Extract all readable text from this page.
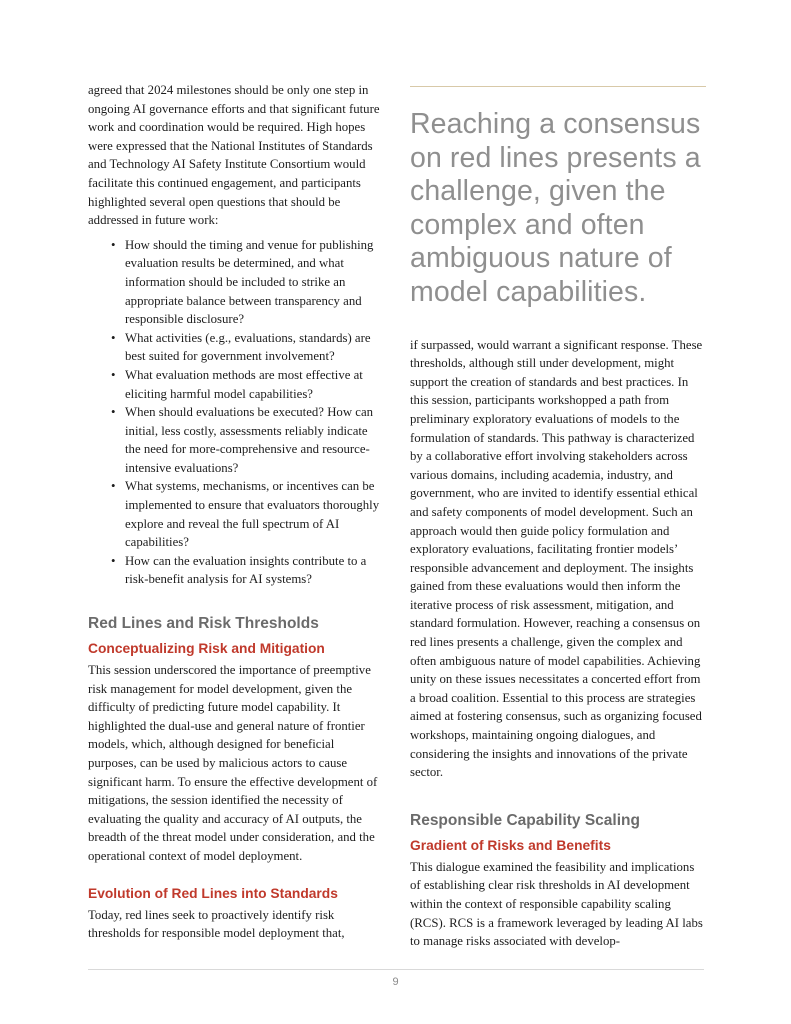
agreed that 2024 milestones should be only one step in ongoing AI governance efforts and that significant future work and coordination would be required. High hopes were expressed that the National Institutes of Standards and Technology AI Safety Institute Consortium would facilitate this continued engagement, and participants highlighted several open questions that should be addressed in future work:

• How should the timing and venue for publishing evaluation results be determined, and what information should be included to strike an appropriate balance between transparency and responsible disclosure?
• What activities (e.g., evaluations, standards) are best suited for government involvement?
• What evaluation methods are most effective at eliciting harmful model capabilities?
• When should evaluations be executed? How can initial, less costly, assessments reliably indicate the need for more-comprehensive and resource-intensive evaluations?
• What systems, mechanisms, or incentives can be implemented to ensure that evaluators thoroughly explore and reveal the full spectrum of AI capabilities?
• How can the evaluation insights contribute to a risk-benefit analysis for AI systems?
Red Lines and Risk Thresholds
Conceptualizing Risk and Mitigation

This session underscored the importance of preemptive risk management for model development, given the difficulty of predicting future model capability. It highlighted the dual-use and general nature of frontier models, which, although designed for beneficial purposes, can be used by malicious actors to cause significant harm. To ensure the effective development of mitigations, the session identified the necessity of evaluating the quality and accuracy of AI outputs, the breadth of the threat model under consideration, and the operational context of model deployment.

Evolution of Red Lines into Standards

Today, red lines seek to proactively identify risk thresholds for responsible model deployment that,

Reaching a consensus on red lines presents a challenge, given the complex and often ambiguous nature of model capabilities.

if surpassed, would warrant a significant response. These thresholds, although still under development, might support the creation of standards and best practices. In this session, participants workshopped a path from preliminary exploratory evaluations of models to the formulation of standards. This pathway is characterized by a collaborative effort involving stakeholders across various domains, including academia, industry, and government, who are invited to identify essential ethical and safety components of model development. Such an approach would then guide policy formulation and exploratory evaluations, facilitating frontier models’ responsible advancement and deployment. The insights gained from these evaluations would then inform the iterative process of risk assessment, mitigation, and standard formulation. However, reaching a consensus on red lines presents a challenge, given the complex and often ambiguous nature of model capabilities. Achieving unity on these issues necessitates a concerted effort from a broad coalition. Essential to this process are strategies aimed at fostering consensus, such as organizing focused workshops, maintaining ongoing dialogues, and considering the insights and innovations of the private sector.

Responsible Capability Scaling
Gradient of Risks and Benefits

This dialogue examined the feasibility and implications of establishing clear risk thresholds in AI development within the context of responsible capability scaling (RCS). RCS is a framework leveraged by leading AI labs to manage risks associated with develop-

9
